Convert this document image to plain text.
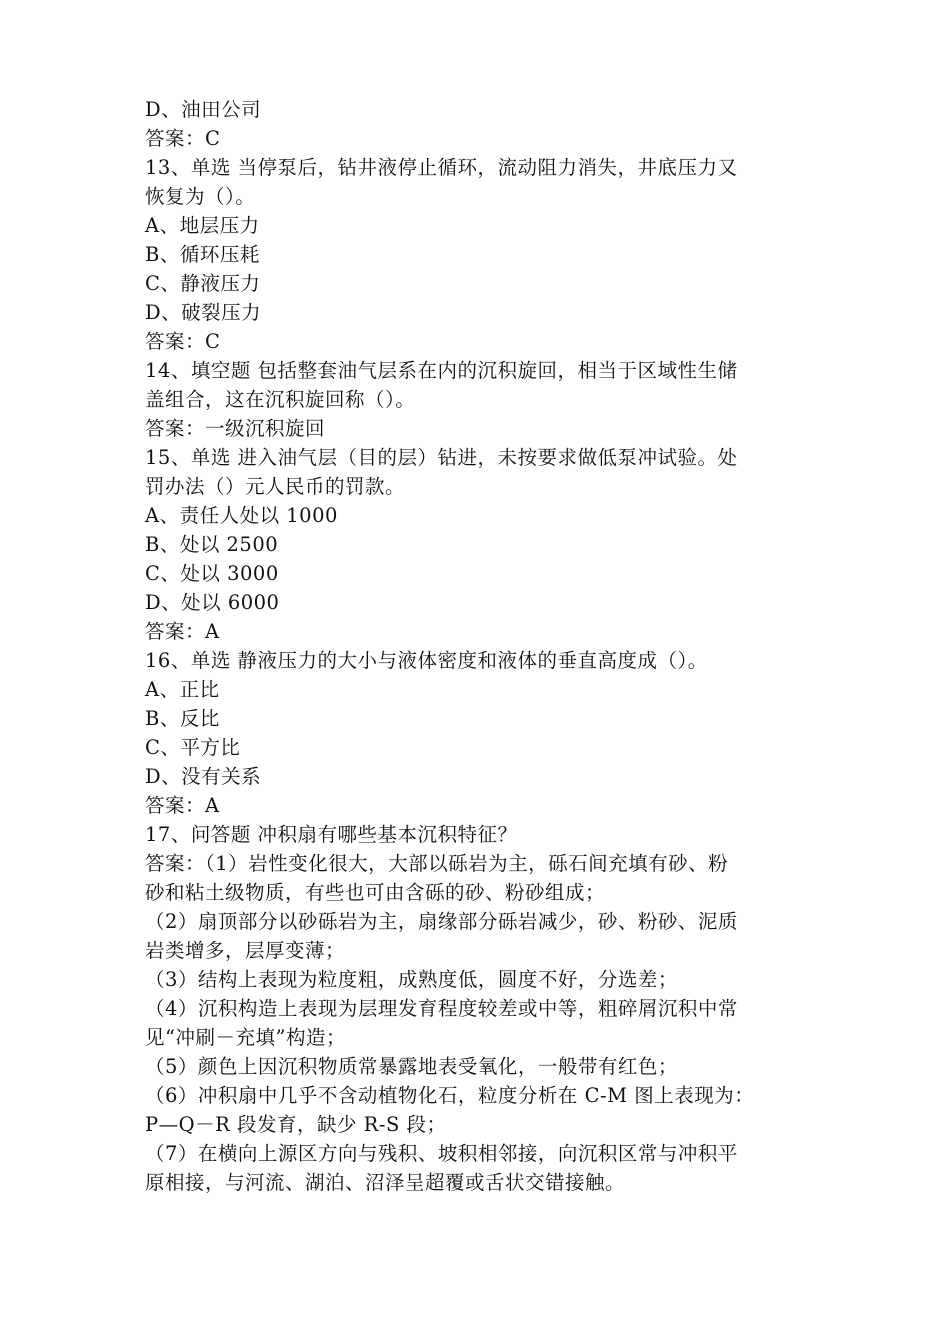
D、油田公司
答案：C
13、单选 当停泵后，钻井液停止循环，流动阻力消失，井底压力又
恢复为（）。
A、地层压力
B、循环压耗
C、静液压力
D、破裂压力
答案：C
14、填空题 包括整套油气层系在内的沉积旋回，相当于区域性生储
盖组合，这在沉积旋回称（）。
答案：一级沉积旋回
15、单选 进入油气层（目的层）钻进，未按要求做低泵冲试验。处
罚办法（）元人民币的罚款。
A、责任人处以 1000
B、处以 2500
C、处以 3000
D、处以 6000
答案：A
16、单选 静液压力的大小与液体密度和液体的垂直高度成（）。
A、正比
B、反比
C、平方比
D、没有关系
答案：A
17、问答题 冲积扇有哪些基本沉积特征？
答案：（1）岩性变化很大，大部以砾岩为主，砾石间充填有砂、粉
砂和粘土级物质，有些也可由含砾的砂、粉砂组成；
（2）扇顶部分以砂砾岩为主，扇缘部分砾岩减少，砂、粉砂、泥质
岩类增多，层厚变薄；
（3）结构上表现为粒度粗，成熟度低，圆度不好，分选差；
（4）沉积构造上表现为层理发育程度较差或中等，粗碎屑沉积中常
见“冲刷－充填”构造；
（5）颜色上因沉积物质常暴露地表受氧化，一般带有红色；
（6）冲积扇中几乎不含动植物化石，粒度分析在 C-M 图上表现为：
P—Q－R 段发育，缺少 R-S 段；
（7）在横向上源区方向与残积、坡积相邻接，向沉积区常与冲积平
原相接，与河流、湖泊、沼泽呈超覆或舌状交错接触。
